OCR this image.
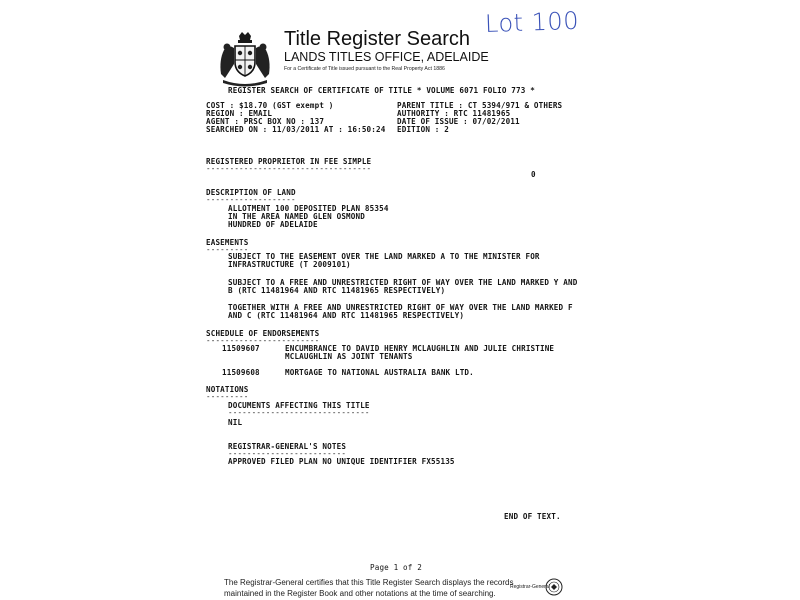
Lot 100
Title Register Search
LANDS TITLES OFFICE, ADELAIDE
For a Certificate of Title issued pursuant to the Real Property Act 1886
REGISTER SEARCH OF CERTIFICATE OF TITLE * VOLUME 6071 FOLIO 773 *
COST : $18.70 (GST exempt )
REGION : EMAIL
AGENT : PRSC BOX NO : 137
SEARCHED ON : 11/03/2011 AT : 16:50:24
PARENT TITLE : CT 5394/971 & OTHERS
AUTHORITY : RTC 11481965
DATE OF ISSUE : 07/02/2011
EDITION : 2
REGISTERED PROPRIETOR IN FEE SIMPLE
-----------------------------------
0
DESCRIPTION OF LAND
-------------------
ALLOTMENT 100 DEPOSITED PLAN 85354
IN THE AREA NAMED GLEN OSMOND
HUNDRED OF ADELAIDE
EASEMENTS
---------
SUBJECT TO THE EASEMENT OVER THE LAND MARKED A TO THE MINISTER FOR
INFRASTRUCTURE (T 2009101)
SUBJECT TO A FREE AND UNRESTRICTED RIGHT OF WAY OVER THE LAND MARKED Y AND
B (RTC 11481964 AND RTC 11481965 RESPECTIVELY)
TOGETHER WITH A FREE AND UNRESTRICTED RIGHT OF WAY OVER THE LAND MARKED F
AND C (RTC 11481964 AND RTC 11481965 RESPECTIVELY)
SCHEDULE OF ENDORSEMENTS
------------------------
11509607	ENCUMBRANCE TO DAVID HENRY MCLAUGHLIN AND JULIE CHRISTINE
MCLAUGHLIN AS JOINT TENANTS
11509608	MORTGAGE TO NATIONAL AUSTRALIA BANK LTD.
NOTATIONS
---------
DOCUMENTS AFFECTING THIS TITLE
------------------------------
NIL
REGISTRAR-GENERAL'S NOTES
-------------------------
APPROVED FILED PLAN NO UNIQUE IDENTIFIER FX55135
END OF TEXT.
Page 1 of 2
The Registrar-General certifies that this Title Register Search displays the records
maintained in the Register Book and other notations at the time of searching.
Registrar-General
